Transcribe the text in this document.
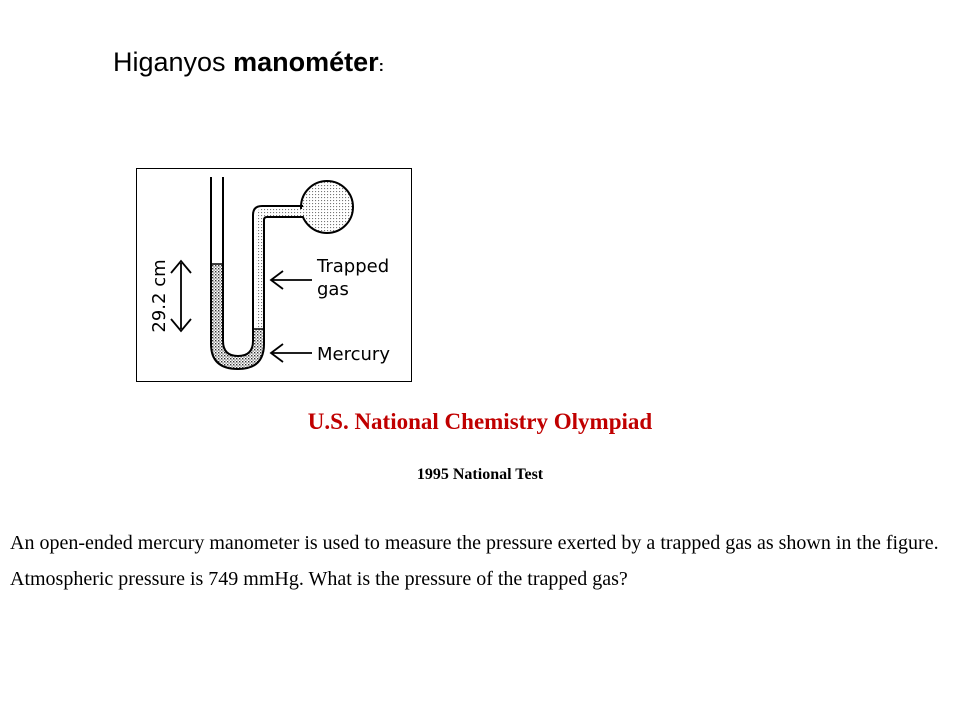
Higanyos manométer:
29.2 cm	Trapped
gas
Mercury
U.S. National Chemistry Olympiad
1995 National Test
An open-ended mercury manometer is used to measure the pressure exerted by a trapped gas as shown in the figure. Atmospheric pressure is 749 mmHg. What is the pressure of the trapped gas?
